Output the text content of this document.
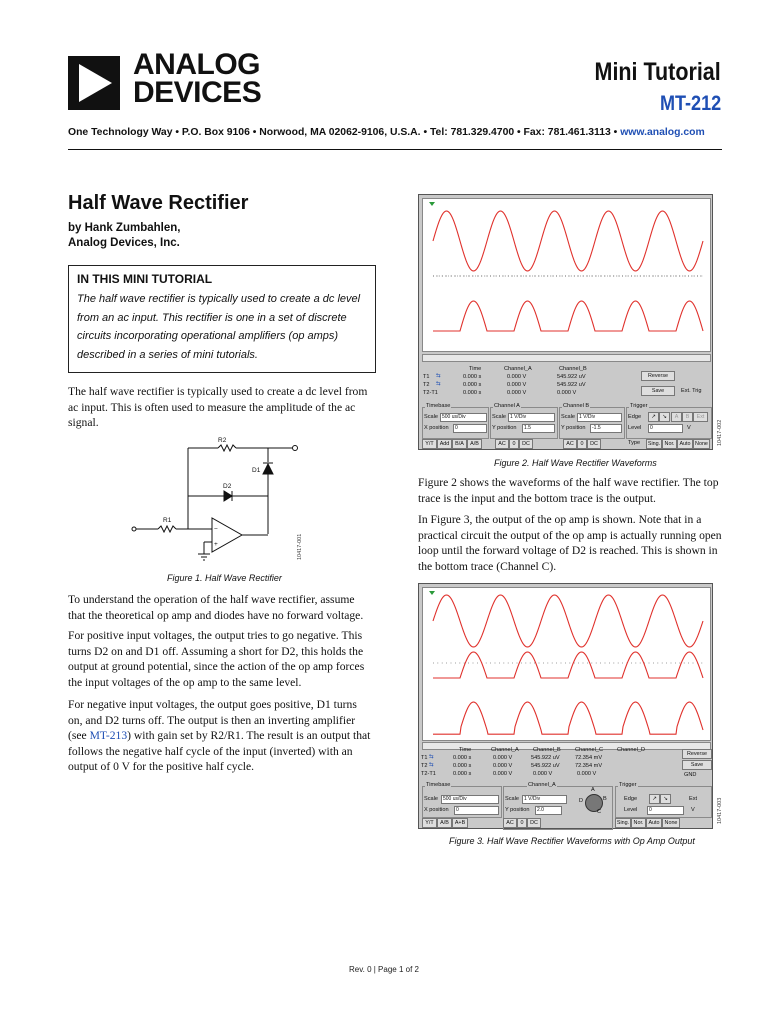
ANALOG
DEVICES
Mini Tutorial
MT-212
One Technology Way • P.O. Box 9106 • Norwood, MA 02062-9106, U.S.A. • Tel: 781.329.4700 • Fax: 781.461.3113 • www.analog.com
Half Wave Rectifier
by Hank Zumbahlen,
Analog Devices, Inc.
IN THIS MINI TUTORIAL
The half wave rectifier is typically used to create a dc level from an ac input. This rectifier is one in a set of discrete circuits incorporating operational amplifiers (op amps) described in a series of mini tutorials.
The half wave rectifier is typically used to create a dc level from ac input. This is often used to measure the amplitude of the ac signal.
R2
R1
D1
D2
−
+	10417-001
Figure 1. Half Wave Rectifier
To understand the operation of the half wave rectifier, assume that the theoretical op amp and diodes have no forward voltage.
For positive input voltages, the output tries to go negative. This turns D2 on and D1 off. Assuming a short for D2, this holds the output at ground potential, since the action of the op amp forces the input voltages of the op amp to the same level.
For negative input voltages, the output goes positive, D1 turns on, and D2 turns off. The output is then an inverting amplifier (see MT-213) with gain set by R2/R1. The result is an output that follows the negative half cycle of the input (inverted) with an output of 0 V for the positive half cycle.
Time	Channel_A	Channel_B
T1 ⇆	0.000 s	0.000 V	545.922 uV
T2 ⇆	0.000 s	0.000 V	545.922 uV
T2-T1	0.000 s	0.000 V	0.000 V
Reverse
Save	Ext. Trig
Timebase
Scale 500 us/Div
X position	0
Channel A
Scale 1 V/Div
Y position	1.5
Channel B
Scale 1 V/Div
Y position	-1.5
Trigger
Edge	↗	↘	A	B	Ext
Level	0	V
Y/T	Add	B/A	A/B	AC	0	DC	AC	0	DC	Type	Sing. Nor. Auto None	10417-002
Figure 2. Half Wave Rectifier Waveforms
Figure 2 shows the waveforms of the half wave rectifier. The top trace is the input and the bottom trace is the output.
In Figure 3, the output of the op amp is shown. Note that in a practical circuit the output of the op amp is actually running open loop until the forward voltage of D2 is reached. This is shown in the bottom trace (Channel C).
Time	Channel_A	Channel_B	Channel_C	Channel_D
T1 ⇆	0.000 s	0.000 V	545.922 uV	72.354 mV
T2 ⇆	0.000 s	0.000 V	545.922 uV	72.354 mV
T2-T1	0.000 s	0.000 V	0.000 V	0.000 V
Reverse
Save
GND
Timebase
Scale	500 us/Div
X position	0
Channel_A
Scale	1 V/Div
Y position	2.0
A
B
C
D
Trigger
Edge	↗	↘	Ext
Level	0	V
Y/T	A/B	A+B	AC	0	DC	Sing. Nor. Auto None	10417-003
Figure 3. Half Wave Rectifier Waveforms with Op Amp Output
Rev. 0 | Page 1 of 2
